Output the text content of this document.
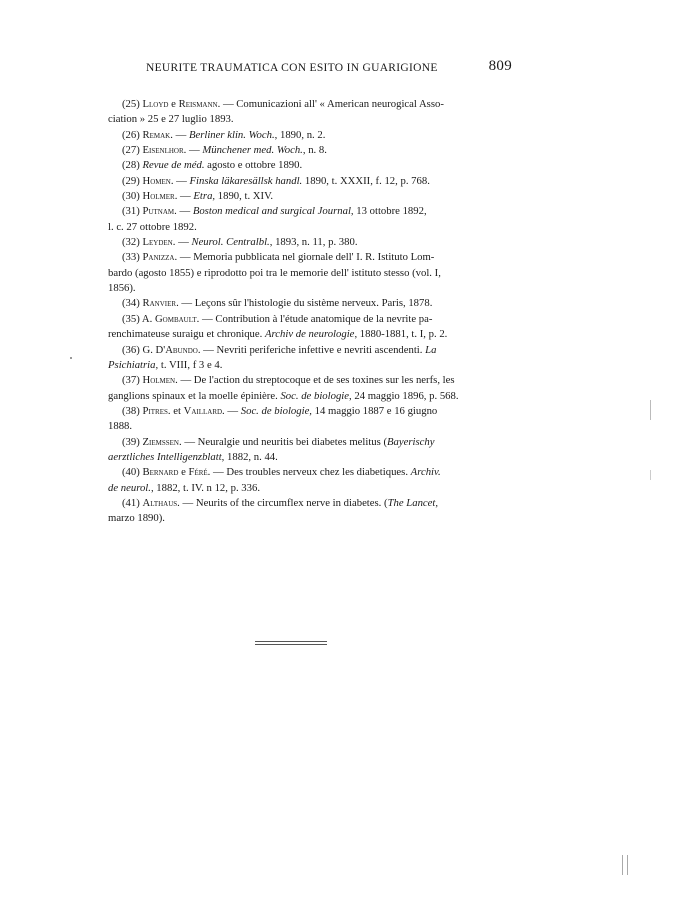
NEURITE TRAUMATICA CON ESITO IN GUARIGIONE	809
(25) Lloyd e Reismann. — Comunicazioni all' « American neurogical Asso-
ciation » 25 e 27 luglio 1893.
(26) Remak. — Berliner klin. Woch., 1890, n. 2.
(27) Eisenlhor. — Münchener med. Woch., n. 8.
(28) Revue de méd. agosto e ottobre 1890.
(29) Homen. — Finska läkaresällsk handl. 1890, t. XXXII, f. 12, p. 768.
(30) Holmer. — Etra, 1890, t. XIV.
(31) Putnam. — Boston medical and surgical Journal, 13 ottobre 1892,
l. c. 27 ottobre 1892.
(32) Leyden. — Neurol. Centralbl., 1893, n. 11, p. 380.
(33) Panizza. — Memoria pubblicata nel giornale dell' I. R. Istituto Lom-
bardo (agosto 1855) e riprodotto poi tra le memorie dell' istituto stesso (vol. I,
1856).
(34) Ranvier. — Leçons sûr l'histologie du sistème nerveux. Paris, 1878.
(35) A. Gombault. — Contribution à l'étude anatomique de la nevrite pa-
renchimateuse suraigu et chronique. Archiv de neurologie, 1880-1881, t. I, p. 2.
(36) G. D'Abundo. — Nevriti periferiche infettive e nevriti ascendenti. La
Psichiatria, t. VIII, f 3 e 4.
(37) Holmen. — De l'action du streptocoque et de ses toxines sur les nerfs, les
ganglions spinaux et la moelle épinière. Soc. de biologie, 24 maggio 1896, p. 568.
(38) Pitres. et Vaillard. — Soc. de biologie, 14 maggio 1887 e 16 giugno
1888.
(39) Ziemssen. — Neuralgie und neuritis bei diabetes melitus (Bayerischy
aerztliches Intelligenzblatt, 1882, n. 44.
(40) Bernard e Féré. — Des troubles nerveux chez les diabetiques. Archiv.
de neurol., 1882, t. IV. n 12, p. 336.
(41) Althaus. — Neurits of the circumflex nerve in diabetes. (The Lancet,
marzo 1890).
